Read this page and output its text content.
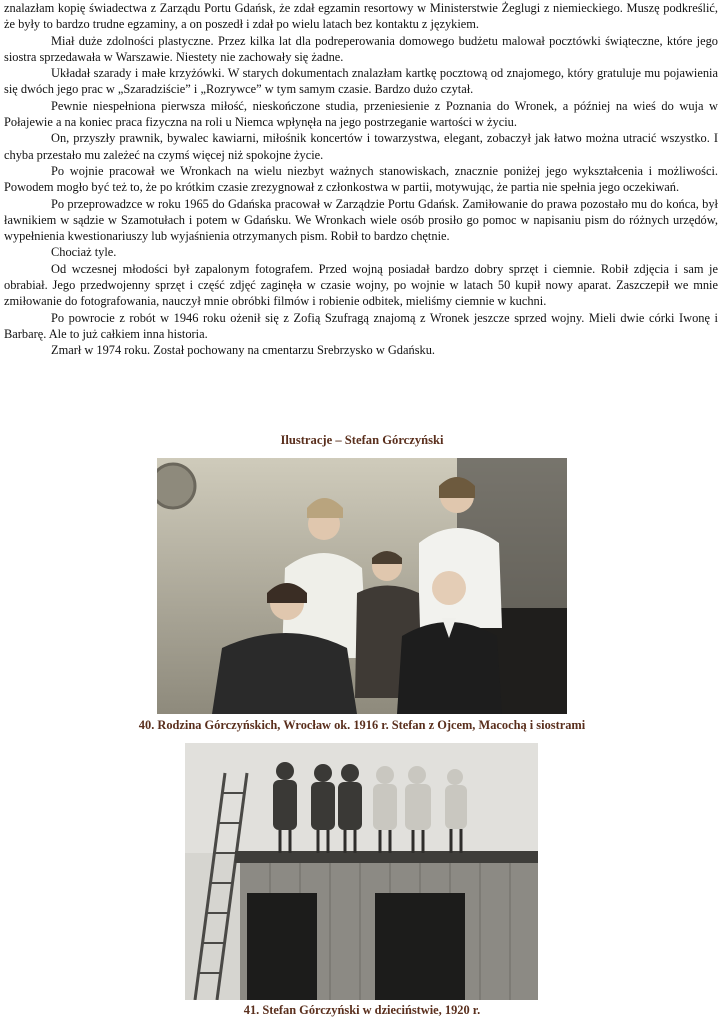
znalazłam kopię świadectwa z Zarządu Portu Gdańsk, że zdał egzamin resortowy w Ministerstwie Żeglugi z niemieckiego. Muszę podkreślić, że były to bardzo trudne egzaminy, a on poszedł i zdał po wielu latach bez kontaktu z językiem.

Miał duże zdolności plastyczne. Przez kilka lat dla podreperowania domowego budżetu malował pocztówki świąteczne, które jego siostra sprzedawała w Warszawie. Niestety nie zachowały się żadne.

Układał szarady i małe krzyżówki. W starych dokumentach znalazłam kartkę pocztową od znajomego, który gratuluje mu pojawienia się dwóch jego prac w „Szaradziście” i „Rozrywce” w tym samym czasie. Bardzo dużo czytał.

Pewnie niespełniona pierwsza miłość, nieskończone studia, przeniesienie z Poznania do Wronek, a później na wieś do wuja w Połajewie a na koniec praca fizyczna na roli u Niemca wpłynęła na jego postrzeganie wartości w życiu.

On, przyszły prawnik, bywalec kawiarni, miłośnik koncertów i towarzystwa, elegant, zobaczył jak łatwo można utracić wszystko. I chyba przestało mu zależeć na czymś więcej niż spokojne życie.

Po wojnie pracował we Wronkach na wielu niezbyt ważnych stanowiskach, znacznie poniżej jego wykształcenia i możliwości. Powodem mogło być też to, że po krótkim czasie zrezygnował z członkostwa w partii, motywując, że partia nie spełnia jego oczekiwań.

Po przeprowadzce w roku 1965 do Gdańska pracował w Zarządzie Portu Gdańsk. Zamiłowanie do prawa pozostało mu do końca, był ławnikiem w sądzie w Szamotułach i potem w Gdańsku. We Wronkach wiele osób prosiło go pomoc w napisaniu pism do różnych urzędów, wypełnienia kwestionariuszy lub wyjaśnienia otrzymanych pism. Robił to bardzo chętnie.

Chociaż tyle.

Od wczesnej młodości był zapalonym fotografem. Przed wojną posiadał bardzo dobry sprzęt i ciemnie. Robił zdjęcia i sam je obrabiał. Jego przedwojenny sprzęt i część zdjęć zaginęła w czasie wojny, po wojnie w latach 50 kupił nowy aparat. Zaszczepił we mnie zmiłowanie do fotografowania, nauczył mnie obróbki filmów i robienie odbitek, mieliśmy ciemnie w kuchni.

Po powrocie z robót w 1946 roku ożenił się z Zofią Szufragą znajomą z Wronek jeszcze sprzed wojny. Mieli dwie córki Iwonę i Barbarę. Ale to już całkiem inna historia.

Zmarł w 1974 roku. Został pochowany na cmentarzu Srebrzysko w Gdańsku.

Ilustracje – Stefan Górczyński
40. Rodzina Górczyńskich, Wrocław ok. 1916 r. Stefan z Ojcem, Macochą i siostrami
41. Stefan Górczyński w dzieciństwie, 1920 r.
